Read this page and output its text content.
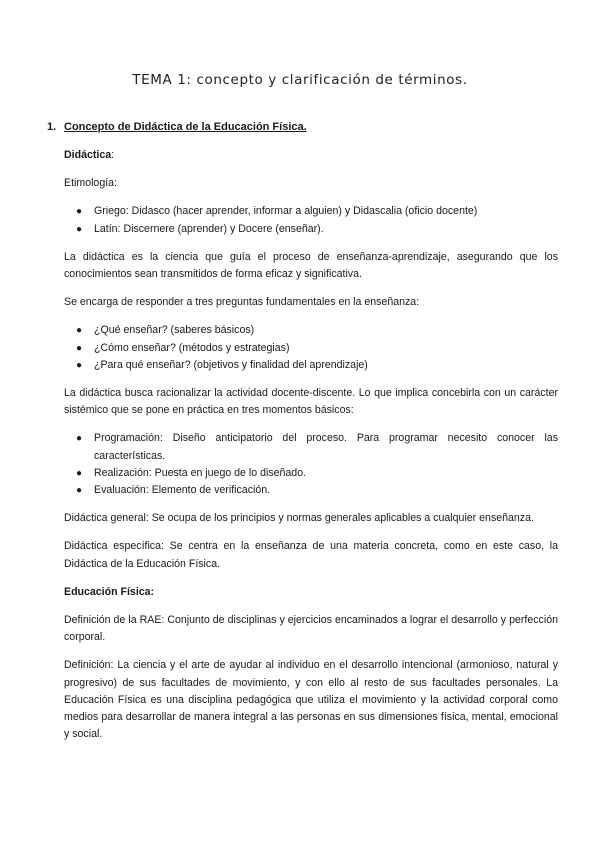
TEMA 1: concepto y clarificación de términos.
1. Concepto de Didáctica de la Educación Física.

Didáctica:

Etimología:

● Griego: Didasco (hacer aprender, informar a alguien) y Didascalia (oficio docente)
● Latín: Discernere (aprender) y Docere (enseñar).

La didáctica es la ciencia que guía el proceso de enseñanza-aprendizaje, asegurando que los conocimientos sean transmitidos de forma eficaz y significativa.

Se encarga de responder a tres preguntas fundamentales en la enseñanza:

● ¿Qué enseñar? (saberes básicos)
● ¿Cómo enseñar? (métodos y estrategias)
● ¿Para qué enseñar? (objetivos y finalidad del aprendizaje)

La didáctica busca racionalizar la actividad docente-discente. Lo que implica concebirla con un carácter sistémico que se pone en práctica en tres momentos básicos:

● Programación: Diseño anticipatorio del proceso. Para programar necesito conocer las características.
● Realización: Puesta en juego de lo diseñado.
● Evaluación: Elemento de verificación.

Didáctica general: Se ocupa de los principios y normas generales aplicables a cualquier enseñanza.

Didáctica específica: Se centra en la enseñanza de una materia concreta, como en este caso, la Didáctica de la Educación Física.

Educación Física:

Definición de la RAE: Conjunto de disciplinas y ejercicios encaminados a lograr el desarrollo y perfección corporal.

Definición: La ciencia y el arte de ayudar al individuo en el desarrollo intencional (armonioso, natural y progresivo) de sus facultades de movimiento, y con ello al resto de sus facultades personales. La Educación Física es una disciplina pedagógica que utiliza el movimiento y la actividad corporal como medios para desarrollar de manera integral a las personas en sus dimensiones física, mental, emocional y social.
